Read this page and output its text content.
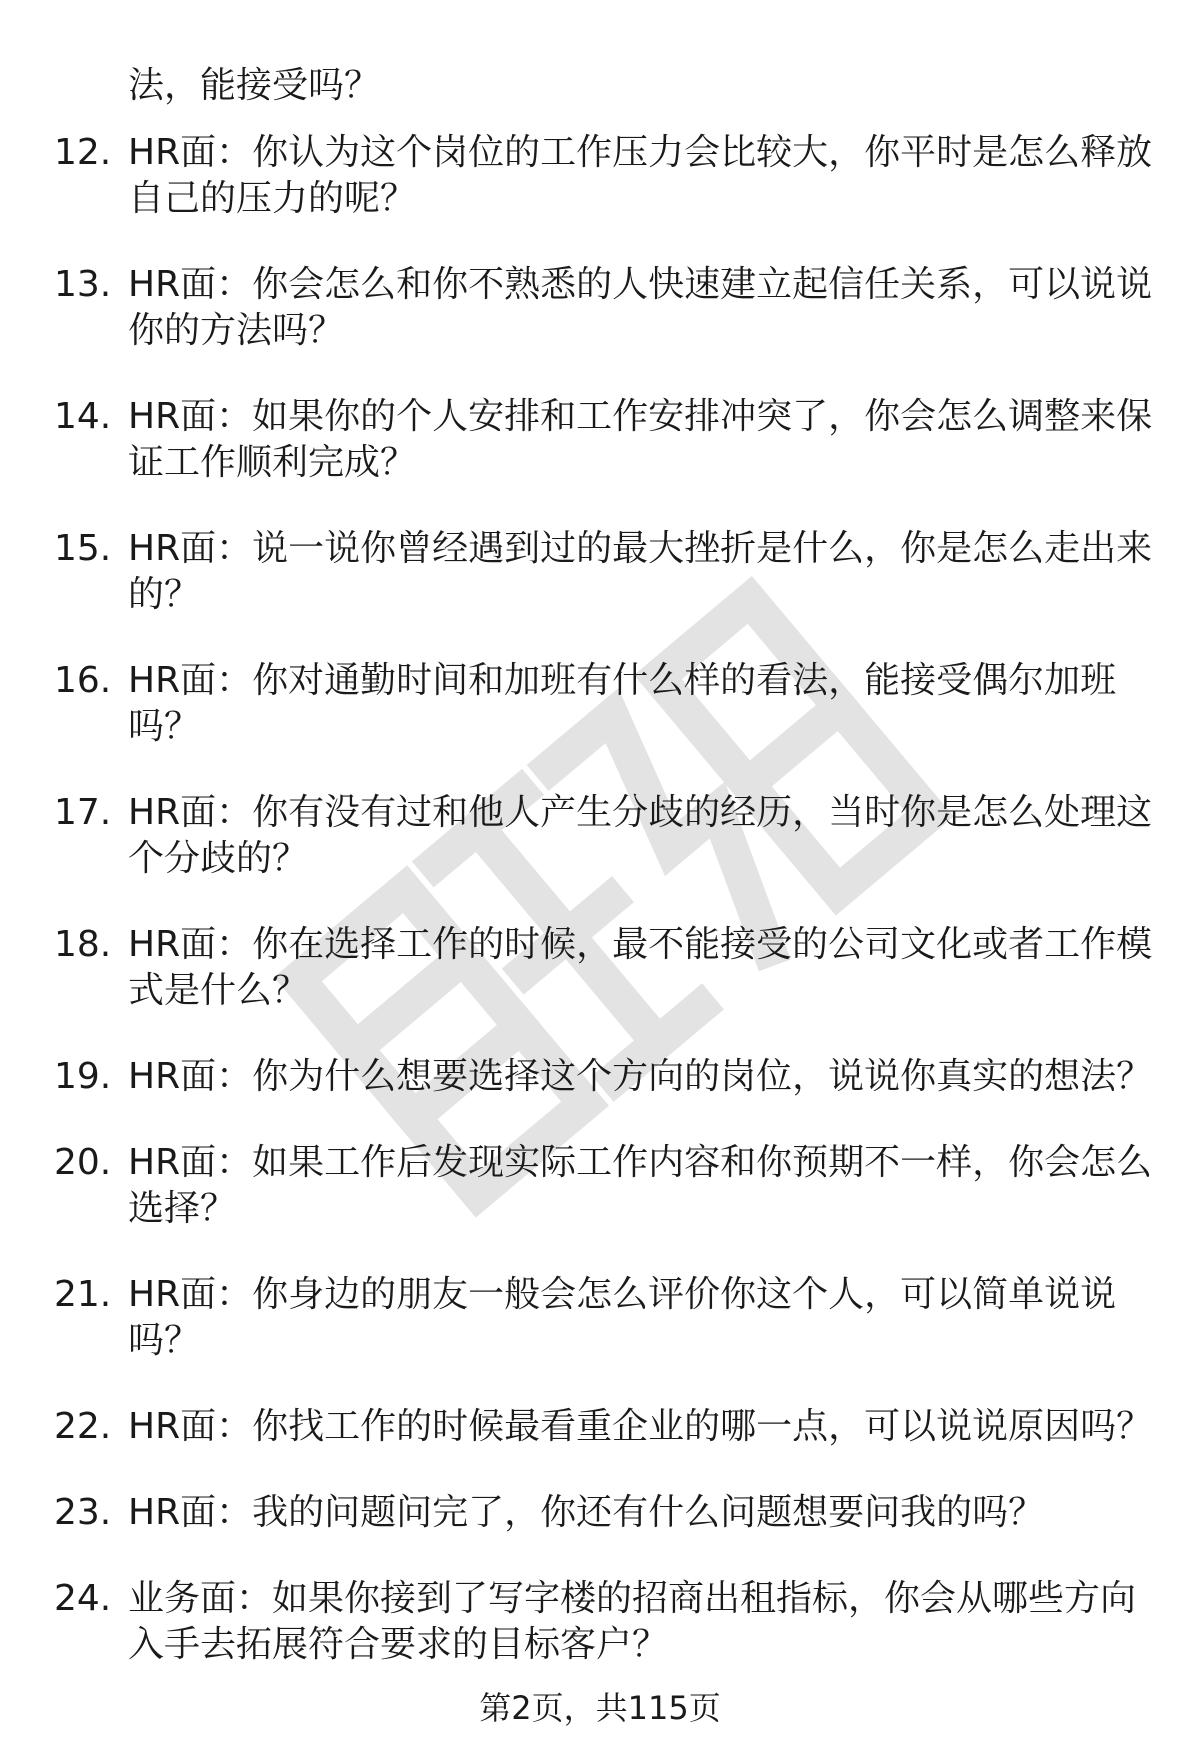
法，能接受吗？
12. HR面：你认为这个岗位的工作压力会比较大，你平时是怎么释放自己的压力的呢？
13. HR面：你会怎么和你不熟悉的人快速建立起信任关系，可以说说你的方法吗？
14. HR面：如果你的个人安排和工作安排冲突了，你会怎么调整来保证工作顺利完成？
15. HR面：说一说你曾经遇到过的最大挫折是什么，你是怎么走出来的？
16. HR面：你对通勤时间和加班有什么样的看法，能接受偶尔加班吗？
17. HR面：你有没有过和他人产生分歧的经历，当时你是怎么处理这个分歧的？
18. HR面：你在选择工作的时候，最不能接受的公司文化或者工作模式是什么？
19. HR面：你为什么想要选择这个方向的岗位，说说你真实的想法？
20. HR面：如果工作后发现实际工作内容和你预期不一样，你会怎么选择？
21. HR面：你身边的朋友一般会怎么评价你这个人，可以简单说说吗？
22. HR面：你找工作的时候最看重企业的哪一点，可以说说原因吗？
23. HR面：我的问题问完了，你还有什么问题想要问我的吗？
24. 业务面：如果你接到了写字楼的招商出租指标，你会从哪些方向入手去拓展符合要求的目标客户？
第2页，共115页
